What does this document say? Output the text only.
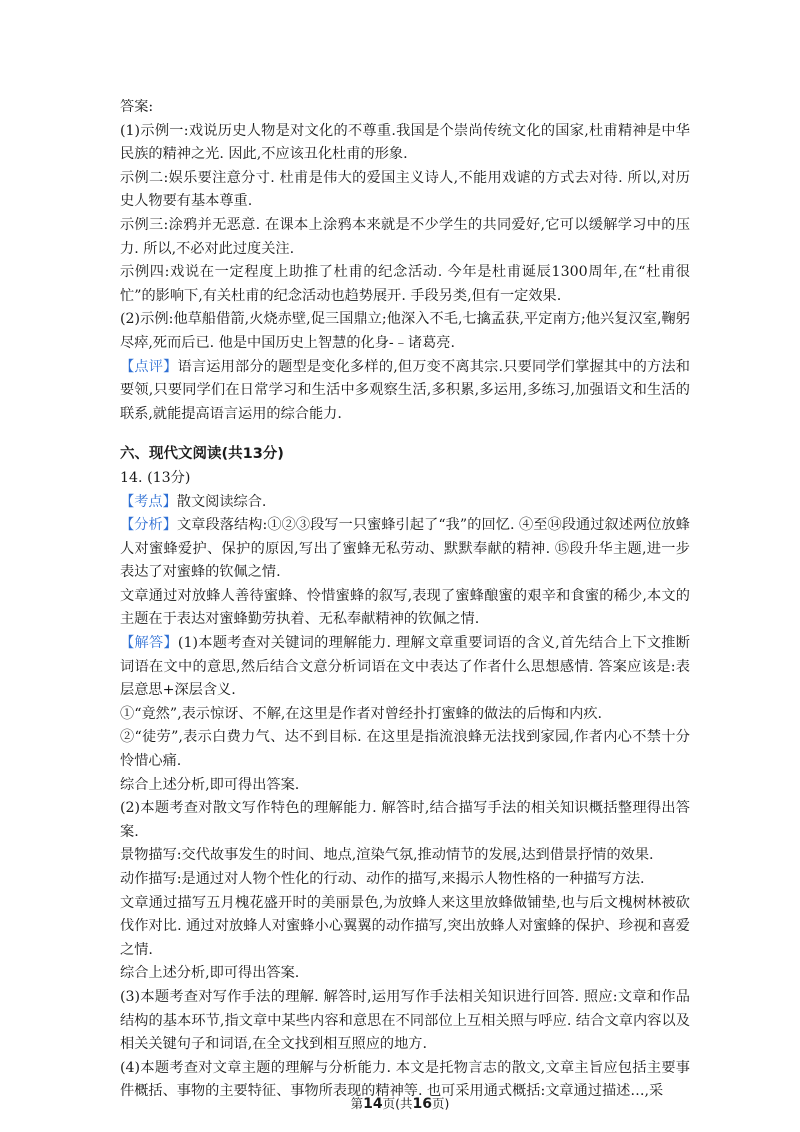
答案:

(1)示例一:戏说历史人物是对文化的不尊重.我国是个崇尚传统文化的国家,杜甫精神是中华民族的精神之光. 因此,不应该丑化杜甫的形象.

示例二:娱乐要注意分寸. 杜甫是伟大的爱国主义诗人,不能用戏谑的方式去对待. 所以,对历史人物要有基本尊重.

示例三:涂鸦并无恶意. 在课本上涂鸦本来就是不少学生的共同爱好,它可以缓解学习中的压力. 所以,不必对此过度关注.

示例四:戏说在一定程度上助推了杜甫的纪念活动. 今年是杜甫诞辰1300周年,在“杜甫很忙”的影响下,有关杜甫的纪念活动也趋势展开. 手段另类,但有一定效果.

(2)示例:他草船借箭,火烧赤壁,促三国鼎立;他深入不毛,七擒孟获,平定南方;他兴复汉室,鞠躬尽瘁,死而后已. 他是中国历史上智慧的化身-﹣诸葛亮.

【点评】语言运用部分的题型是变化多样的,但万变不离其宗.只要同学们掌握其中的方法和要领,只要同学们在日常学习和生活中多观察生活,多积累,多运用,多练习,加强语文和生活的联系,就能提高语言运用的综合能力.

六、现代文阅读(共13分)

14. (13分)

【考点】散文阅读综合.

【分析】文章段落结构:①②③段写一只蜜蜂引起了“我”的回忆. ④至⑭段通过叙述两位放蜂人对蜜蜂爱护、保护的原因,写出了蜜蜂无私劳动、默默奉献的精神. ⑮段升华主题,进一步表达了对蜜蜂的钦佩之情.

文章通过对放蜂人善待蜜蜂、怜惜蜜蜂的叙写,表现了蜜蜂酿蜜的艰辛和食蜜的稀少,本文的主题在于表达对蜜蜂勤劳执着、无私奉献精神的钦佩之情.

【解答】(1)本题考查对关键词的理解能力. 理解文章重要词语的含义,首先结合上下文推断词语在文中的意思,然后结合文意分析词语在文中表达了作者什么思想感情. 答案应该是:表层意思+深层含义.

①“竟然”,表示惊讶、不解,在这里是作者对曾经扑打蜜蜂的做法的后悔和内疚.

②“徒劳”,表示白费力气、达不到目标. 在这里是指流浪蜂无法找到家园,作者内心不禁十分怜惜心痛.

综合上述分析,即可得出答案.

(2)本题考查对散文写作特色的理解能力. 解答时,结合描写手法的相关知识概括整理得出答案.

景物描写:交代故事发生的时间、地点,渲染气氛,推动情节的发展,达到借景抒情的效果.

动作描写:是通过对人物个性化的行动、动作的描写,来揭示人物性格的一种描写方法.

文章通过描写五月槐花盛开时的美丽景色,为放蜂人来这里放蜂做铺垫,也与后文槐树林被砍伐作对比. 通过对放蜂人对蜜蜂小心翼翼的动作描写,突出放蜂人对蜜蜂的保护、珍视和喜爱之情.

综合上述分析,即可得出答案.

(3)本题考查对写作手法的理解. 解答时,运用写作手法相关知识进行回答. 照应:文章和作品结构的基本环节,指文章中某些内容和意思在不同部位上互相关照与呼应. 结合文章内容以及相关关键句子和词语,在全文找到相互照应的地方.

(4)本题考查对文章主题的理解与分析能力. 本文是托物言志的散文,文章主旨应包括主要事件概括、事物的主要特征、事物所表现的精神等. 也可采用通式概括:文章通过描述…,采

第14页(共16页)
